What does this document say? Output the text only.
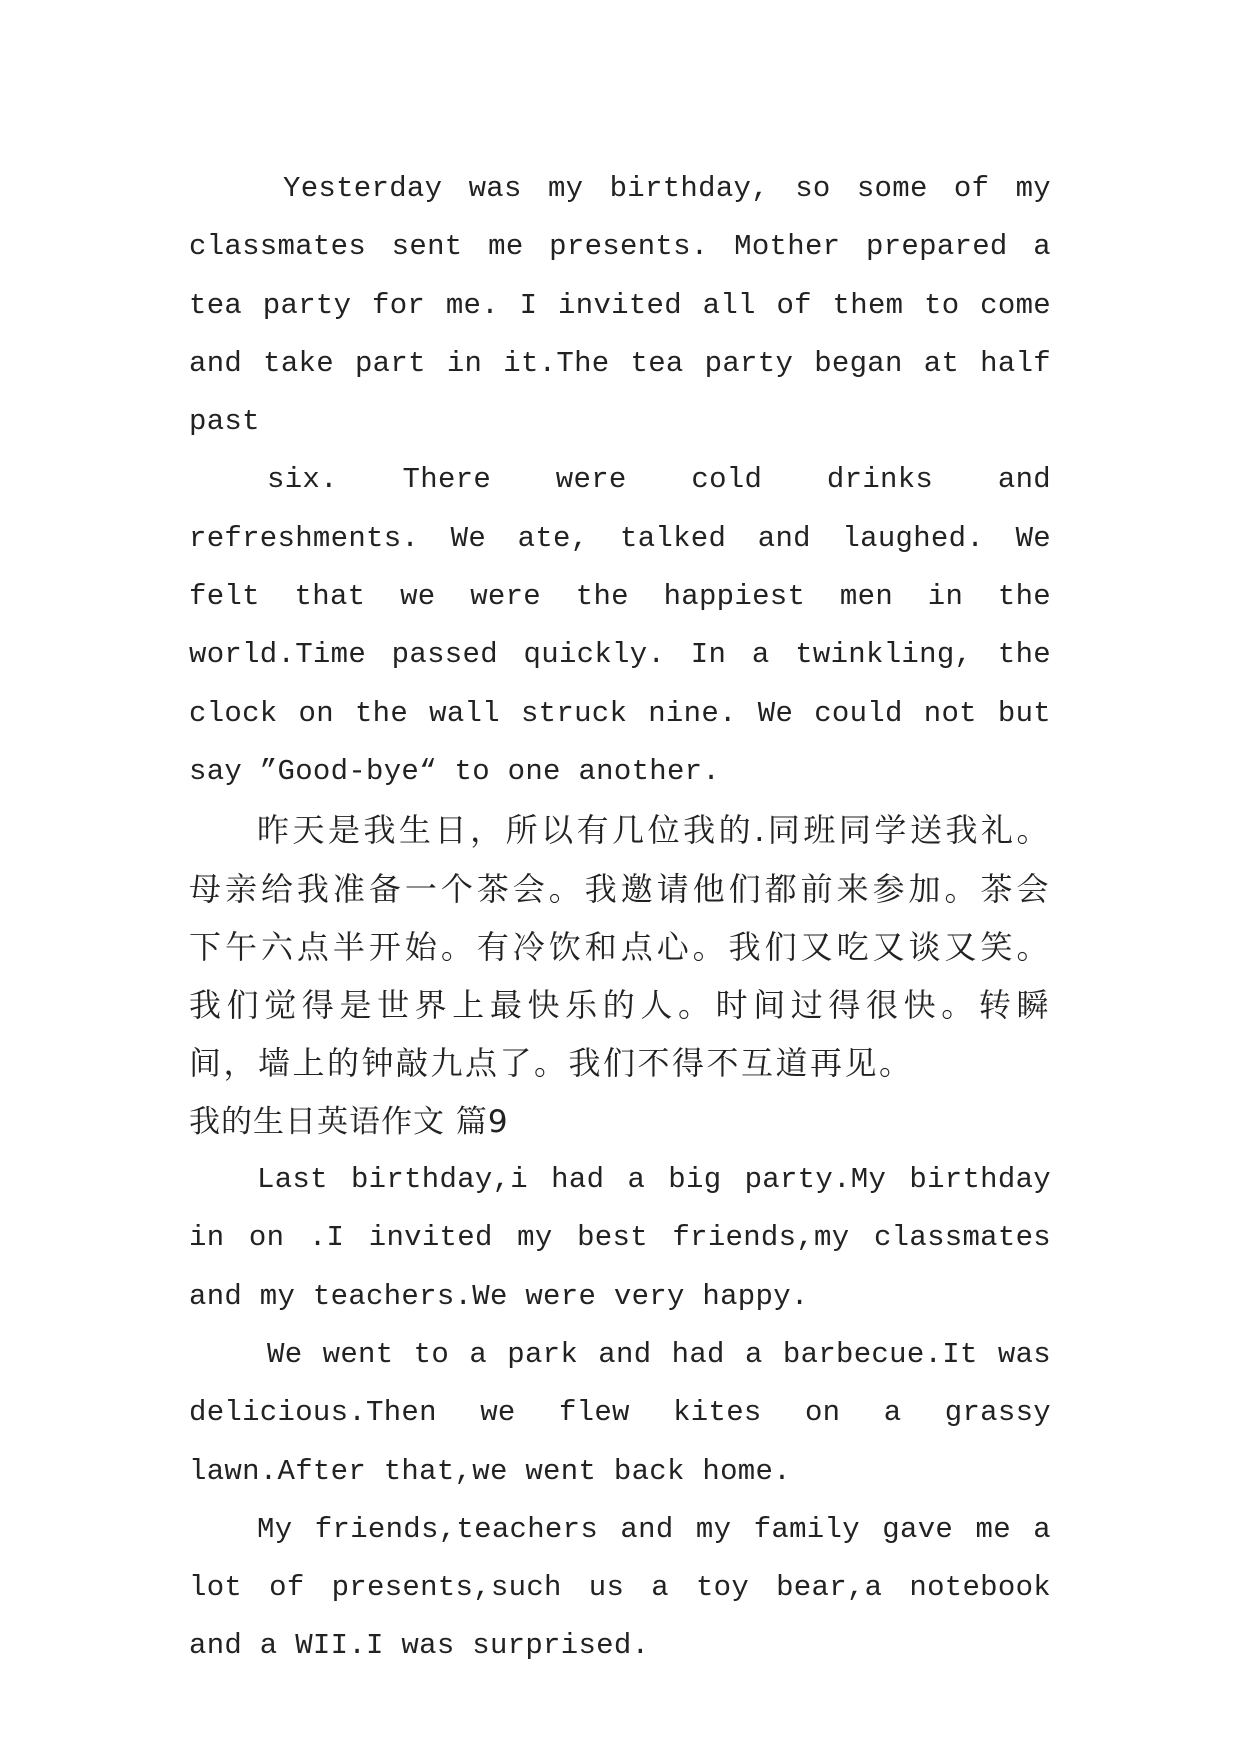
Yesterday was my birthday, so some of my classmates sent me presents. Mother prepared a tea party for me. I invited all of them to come and take part in it.The tea party began at half past

six. There were cold drinks and refreshments. We ate, talked and laughed. We felt that we were the happiest men in the world.Time passed quickly. In a twinkling, the clock on the wall struck nine. We could not but say ”Good-bye“ to one another.

昨天是我生日，所以有几位我的.同班同学送我礼。母亲给我准备一个茶会。我邀请他们都前来参加。茶会下午六点半开始。有冷饮和点心。我们又吃又谈又笑。我们觉得是世界上最快乐的人。时间过得很快。转瞬间，墙上的钟敲九点了。我们不得不互道再见。

我的生日英语作文 篇9

Last birthday,i had a big party.My birthday in on .I invited my best friends,my classmates and my teachers.We were very happy.

We went to a park and had a barbecue.It was delicious.Then we flew kites on a grassy lawn.After that,we went back home.

My friends,teachers and my family gave me a lot of presents,such us a toy bear,a notebook and a WII.I was surprised.
